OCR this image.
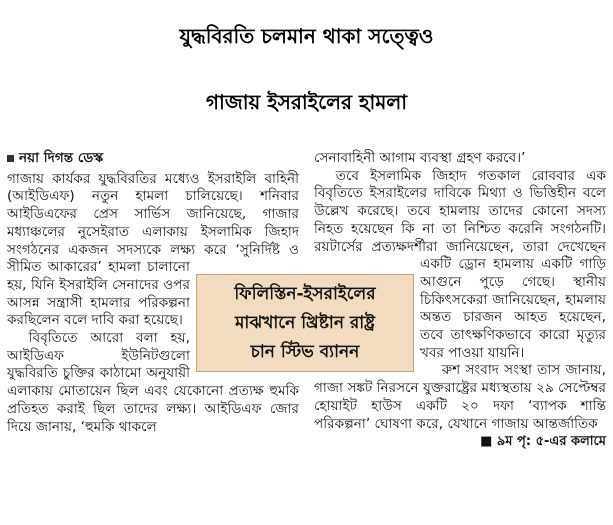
যুদ্ধবিরতি চলমান থাকা সত্ত্বেও
গাজায় ইসরাইলের হামলা
নয়া দিগন্ত ডেস্ক

গাজায় কার্যকর যুদ্ধবিরতির মধ্যেও ইসরাইলি বাহিনী (আইডিএফ) নতুন হামলা চালিয়েছে। শনিবার আইডিএফের প্রেস সার্ভিস জানিয়েছে, গাজার মধ্যাঞ্চলের নুসেইরাত এলাকায় ইসলামিক জিহাদ সংগঠনের একজন সদস্যকে লক্ষ্য করে ‘সুনির্দিষ্ট ও সীমিত আকারের’ হামলা চালানো হয়, যিনি ইসরাইলি সেনাদের ওপর আসন্ন সন্ত্রাসী হামলার পরিকল্পনা করছিলেন বলে দাবি করা হয়েছে।

বিবৃতিতে আরো বলা হয়, আইডিএফ ইউনিটগুলো যুদ্ধবিরতি চুক্তির কাঠামো অনুযায়ী এলাকায় মোতায়েন ছিল এবং যেকোনো প্রত্যক্ষ হুমকি প্রতিহত করাই ছিল তাদের লক্ষ্য। আইডিএফ জোর দিয়ে জানায়, ‘হুমকি থাকলে

সেনাবাহিনী আগাম ব্যবস্থা গ্রহণ করবে।’

তবে ইসলামিক জিহাদ গতকাল রোববার এক বিবৃতিতে ইসরাইলের দাবিকে মিথ্যা ও ভিত্তিহীন বলে উল্লেখ করেছে। তবে হামলায় তাদের কোনো সদস্য নিহত হয়েছেন কি না তা নিশ্চিত করেনি সংগঠনটি। রয়টার্সের প্রত্যক্ষদর্শীরা জানিয়েছেন, তারা দেখেছেন একটি ড্রোন হামলায় একটি গাড়ি আগুনে পুড়ে গেছে। স্থানীয় চিকিৎসকেরা জানিয়েছেন, হামলায় অন্তত চারজন আহত হয়েছেন, তবে তাৎক্ষণিকভাবে কারো মৃত্যুর খবর পাওয়া যায়নি।

রুশ সংবাদ সংস্থা তাস জানায়, গাজা সঙ্কট নিরসনে যুক্তরাষ্ট্রের মধ্যস্থতায় ২৯ সেপ্টেম্বর হোয়াইট হাউস একটি ২০ দফা ‘ব্যাপক শান্তি পরিকল্পনা’ ঘোষণা করে, যেখানে গাজায় আন্তর্জাতিক

■ ৯ম পৃ: ৫-এর কলামে
ফিলিস্তিন-ইসরাইলের
মাঝখানে খ্রিষ্টান রাষ্ট্র
চান স্টিভ ব্যানন
